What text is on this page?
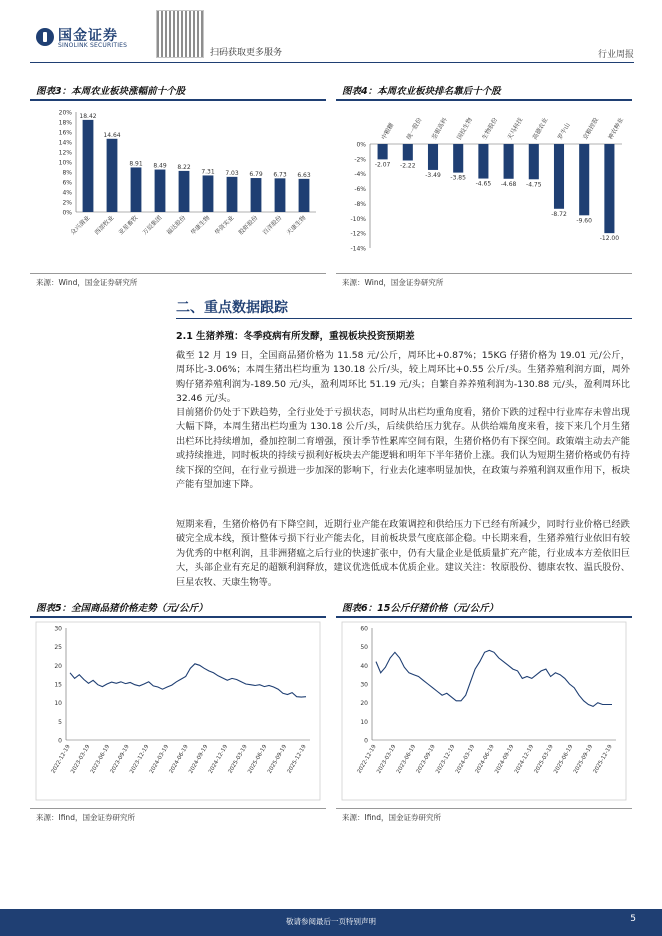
国金证券
SINOLINK SECURITIES
扫码获取更多服务	行业周报
图表3：本周农业板块涨幅前十个股
0%
2%
4%
6%
8%
10%
12%
14%
16%
18%
20% 18.42
众兴菌业
14.64
西部牧业
8.91
亚星畜牧
8.49
万辰集团
8.22
福达股份
7.31
华康生物
7.03
华资实业
6.79
股虾股份
6.73
百洋股份
6.63
天康生物
来源：Wind，国金证券研究所
图表4：本周农业板块排名靠后十个股
0%
-2%
-4%
-6%
-8%
-10%
-12%
-14%
-2.07
中粮糖
-2.22
统一股份
-3.49
荃银高科
-3.85
国投生物
-4.65
生物股份
-4.68
天马科技
-4.75
高德农业
-8.72
罗牛山
-9.60
京粮控股
-12.00
神农种业
来源：Wind，国金证券研究所
二、重点数据跟踪
2.1 生猪养殖：冬季疫病有所发酵，重视板块投资预期差
截至 12 月 19 日，全国商品猪价格为 11.58 元/公斤，周环比+0.87%；15KG 仔猪价格为 19.01 元/公斤，周环比-3.06%；本周生猪出栏均重为 130.18 公斤/头，较上周环比+0.55 公斤/头。生猪养殖利润方面，周外购仔猪养殖利润为-189.50 元/头，盈利周环比 51.19 元/头；自繁自养养殖利润为-130.88 元/头，盈利周环比 32.46 元/头。
目前猪价仍处于下跌趋势，全行业处于亏损状态，同时从出栏均重角度看，猪价下跌的过程中行业库存未曾出现大幅下降，本周生猪出栏均重为 130.18 公斤/头，后续供给压力犹存。从供给端角度来看，接下来几个月生猪出栏环比持续增加，叠加控制二育增强，预计季节性累库空间有限，生猪价格仍有下探空间。政策端主动去产能或持续推进，同时板块的持续亏损利好板块去产能逻辑和明年下半年猪价上涨。我们认为短期生猪价格或仍有持续下探的空间，在行业亏损进一步加深的影响下，行业去化速率明显加快，在政策与养殖利润双重作用下，板块产能有望加速下降。
短期来看，生猪价格仍有下降空间，近期行业产能在政策调控和供给压力下已经有所减少，同时行业价格已经跌破完全成本线，预计整体亏损下行业产能去化，目前板块景气度底部企稳。中长期来看，生猪养殖行业依旧有较为优秀的中枢利润，且非洲猪瘟之后行业的快速扩张中，仍有大量企业是低质量扩充产能，行业成本方差依旧巨大，头部企业有充足的超额利润释放，建议优选低成本优质企业。建议关注：牧原股份、德康农牧、温氏股份、巨星农牧、天康生物等。
图表5：全国商品猪价格走势（元/公斤）
0
5
10
15
20
25
30
2022-12-19
2023-03-19
2023-06-19
2023-09-19
2023-12-19
2024-03-19
2024-06-19
2024-09-19
2024-12-19
2025-03-19
2025-06-19
2025-09-19
2025-12-19
来源：Ifind，国金证券研究所
图表6：15公斤仔猪价格（元/公斤）
0
10
20
30
40
50
60
2022-12-19
2023-03-19
2023-06-19
2023-09-19
2023-12-19
2024-03-19
2024-06-19
2024-09-19
2024-12-19
2025-03-19
2025-06-19
2025-09-19
2025-12-19
来源：Ifind，国金证券研究所
敬请参阅最后一页特别声明	5
